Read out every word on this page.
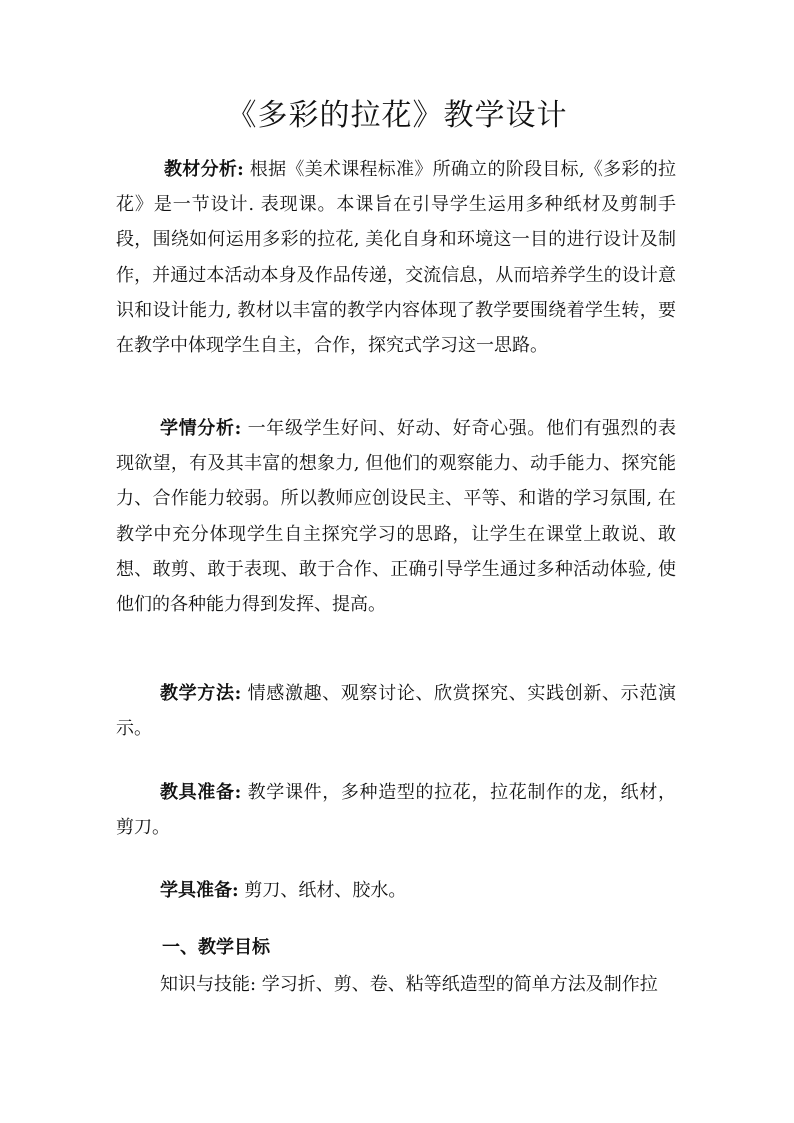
《多彩的拉花》教学设计

教材分析: 根据《美术课程标准》所确立的阶段目标,《多彩的拉花》是一节设计. 表现课。本课旨在引导学生运用多种纸材及剪制手段，围绕如何运用多彩的拉花, 美化自身和环境这一目的进行设计及制作，并通过本活动本身及作品传递，交流信息，从而培养学生的设计意识和设计能力, 教材以丰富的教学内容体现了教学要围绕着学生转，要在教学中体现学生自主，合作，探究式学习这一思路。

学情分析: 一年级学生好问、好动、好奇心强。他们有强烈的表现欲望，有及其丰富的想象力, 但他们的观察能力、动手能力、探究能力、合作能力较弱。所以教师应创设民主、平等、和谐的学习氛围, 在教学中充分体现学生自主探究学习的思路，让学生在课堂上敢说、敢想、敢剪、敢于表现、敢于合作、正确引导学生通过多种活动体验, 使他们的各种能力得到发挥、提高。

教学方法: 情感激趣、观察讨论、欣赏探究、实践创新、示范演示。

教具准备: 教学课件，多种造型的拉花，拉花制作的龙，纸材，剪刀。

学具准备: 剪刀、纸材、胶水。

一、教学目标

知识与技能: 学习折、剪、卷、粘等纸造型的简单方法及制作拉
